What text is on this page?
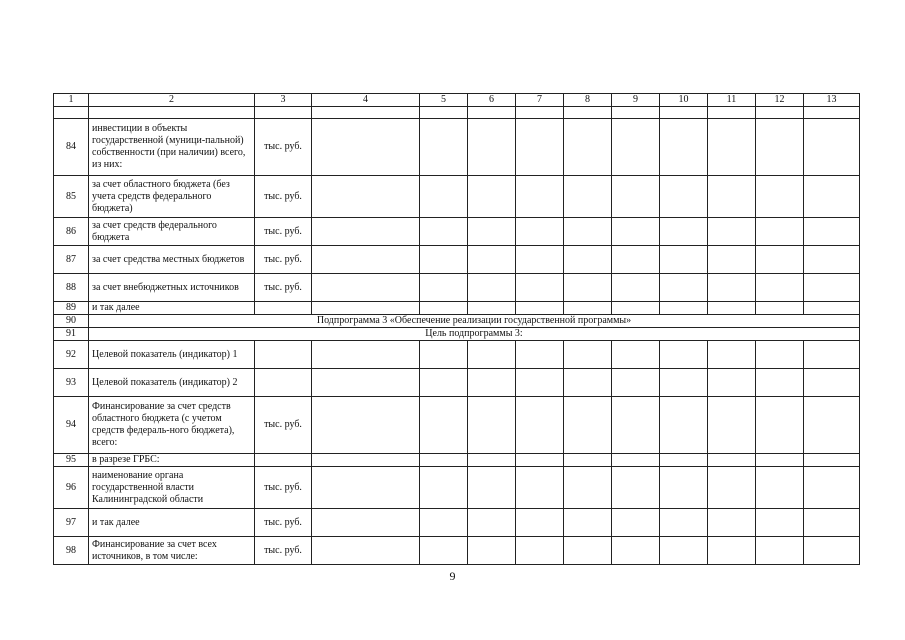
1	2	3	4	5	6	7	8	9	10	11	12	13

84	инвестиции в объекты государственной (муници-пальной) собственности (при наличии) всего, из них:	тыс. руб.										
85	за счет областного бюджета (без учета средств федерального бюджета)	тыс. руб.										
86	за счет средств федерального бюджета	тыс. руб.										
87	за счет средства местных бюджетов	тыс. руб.										
88	за счет внебюджетных источников	тыс. руб.										
89	и так далее											
90	Подпрограмма 3 «Обеспечение реализации государственной программы»											
91	Цель подпрограммы 3:											
92	Целевой показатель (индикатор) 1											
93	Целевой показатель (индикатор) 2											
94	Финансирование за счет средств областного бюджета (с учетом средств федераль-ного бюджета), всего:	тыс. руб.										
95	в разрезе ГРБС:											
96	наименование органа государственной власти Калининградской области	тыс. руб.										
97	и так далее	тыс. руб.										
98	Финансирование за счет всех источников, в том числе:	тыс. руб.										
9
